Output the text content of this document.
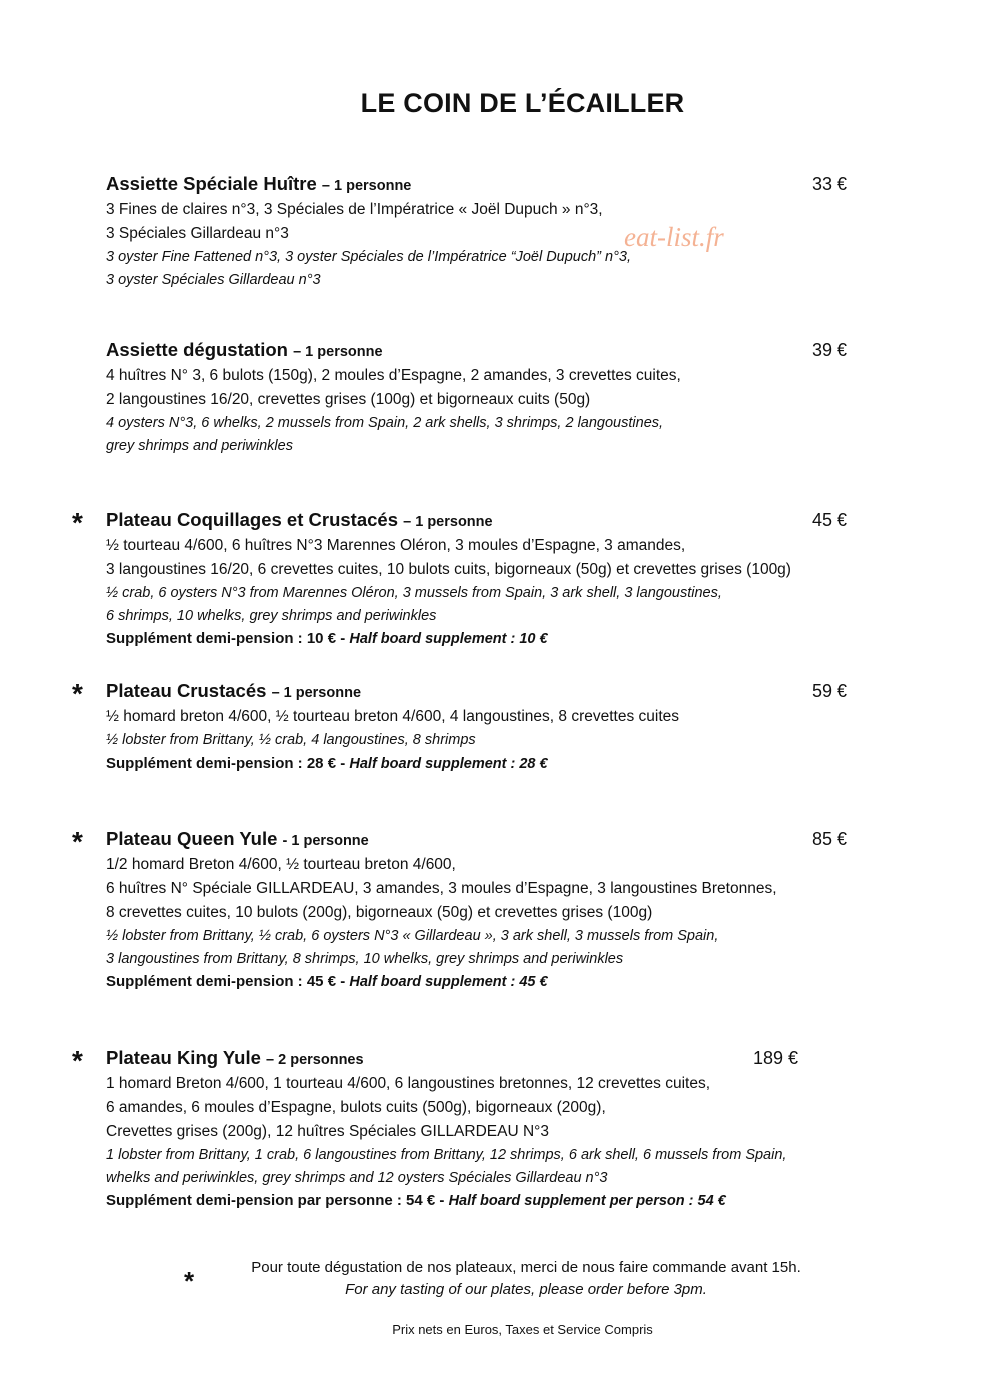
LE COIN DE L’ÉCAILLER
eat-list.fr
Assiette Spéciale Huître – 1 personne	33 €
3 Fines de claires n°3, 3 Spéciales de l’Impératrice « Joël Dupuch » n°3,
3 Spéciales Gillardeau n°3
3 oyster Fine Fattened n°3, 3 oyster Spéciales de l’Impératrice “Joël Dupuch” n°3,
3 oyster Spéciales Gillardeau n°3
Assiette dégustation – 1 personne	39 €
4 huîtres N° 3, 6 bulots (150g), 2 moules d’Espagne, 2 amandes, 3 crevettes cuites,
2 langoustines 16/20, crevettes grises (100g) et bigorneaux cuits (50g)
4 oysters N°3, 6 whelks, 2 mussels from Spain, 2 ark shells, 3 shrimps, 2 langoustines,
grey shrimps and periwinkles
* Plateau Coquillages et Crustacés – 1 personne	45 €
½ tourteau 4/600, 6 huîtres N°3 Marennes Oléron, 3 moules d’Espagne, 3 amandes,
3 langoustines 16/20, 6 crevettes cuites, 10 bulots cuits, bigorneaux (50g) et crevettes grises (100g)
½ crab, 6 oysters N°3 from Marennes Oléron, 3 mussels from Spain, 3 ark shell, 3 langoustines,
6 shrimps, 10 whelks, grey shrimps and periwinkles
Supplément demi-pension : 10 € - Half board supplement : 10 €
* Plateau Crustacés – 1 personne	59 €
½ homard breton 4/600, ½ tourteau breton 4/600, 4 langoustines, 8 crevettes cuites
½ lobster from Brittany, ½ crab, 4 langoustines, 8 shrimps
Supplément demi-pension : 28 € - Half board supplement : 28 €
* Plateau Queen Yule - 1 personne	85 €
1/2 homard Breton 4/600, ½ tourteau breton 4/600,
6 huîtres N° Spéciale GILLARDEAU, 3 amandes, 3 moules d’Espagne, 3 langoustines Bretonnes,
8 crevettes cuites, 10 bulots (200g), bigorneaux (50g) et crevettes grises (100g)
½ lobster from Brittany, ½ crab, 6 oysters N°3 « Gillardeau », 3 ark shell, 3 mussels from Spain,
3 langoustines from Brittany, 8 shrimps, 10 whelks, grey shrimps and periwinkles
Supplément demi-pension : 45 € - Half board supplement : 45 €
* Plateau King Yule – 2 personnes	189 €
1 homard Breton 4/600, 1 tourteau 4/600, 6 langoustines bretonnes, 12 crevettes cuites,
6 amandes, 6 moules d’Espagne, bulots cuits (500g), bigorneaux (200g),
Crevettes grises (200g), 12 huîtres Spéciales GILLARDEAU N°3
1 lobster from Brittany, 1 crab, 6 langoustines from Brittany, 12 shrimps, 6 ark shell, 6 mussels from Spain,
whelks and periwinkles, grey shrimps and 12 oysters Spéciales Gillardeau n°3
Supplément demi-pension par personne : 54 € - Half board supplement per person : 54 €
*	Pour toute dégustation de nos plateaux, merci de nous faire commande avant 15h.
For any tasting of our plates, please order before 3pm.
Prix nets en Euros, Taxes et Service Compris
